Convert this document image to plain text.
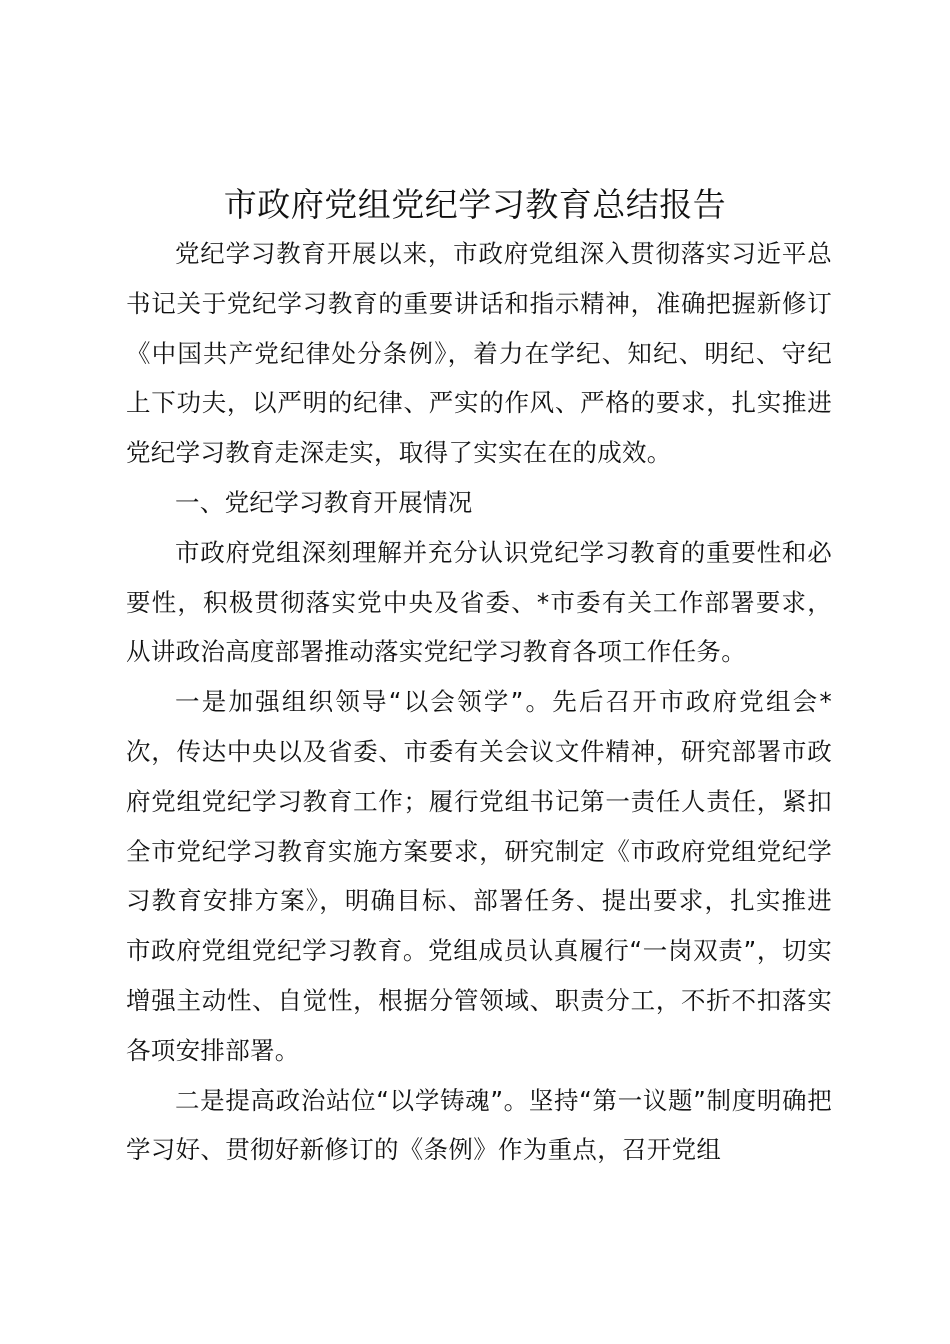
市政府党组党纪学习教育总结报告

党纪学习教育开展以来，市政府党组深入贯彻落实习近平总书记关于党纪学习教育的重要讲话和指示精神，准确把握新修订《中国共产党纪律处分条例》，着力在学纪、知纪、明纪、守纪上下功夫，以严明的纪律、严实的作风、严格的要求，扎实推进党纪学习教育走深走实，取得了实实在在的成效。

一、党纪学习教育开展情况

市政府党组深刻理解并充分认识党纪学习教育的重要性和必要性，积极贯彻落实党中央及省委、*市委有关工作部署要求，从讲政治高度部署推动落实党纪学习教育各项工作任务。

一是加强组织领导“以会领学”。先后召开市政府党组会*次，传达中央以及省委、市委有关会议文件精神，研究部署市政府党组党纪学习教育工作；履行党组书记第一责任人责任，紧扣全市党纪学习教育实施方案要求，研究制定《市政府党组党纪学习教育安排方案》，明确目标、部署任务、提出要求，扎实推进市政府党组党纪学习教育。党组成员认真履行“一岗双责”，切实增强主动性、自觉性，根据分管领域、职责分工，不折不扣落实各项安排部署。

二是提高政治站位“以学铸魂”。坚持“第一议题”制度明确把学习好、贯彻好新修订的《条例》作为重点，召开党组
